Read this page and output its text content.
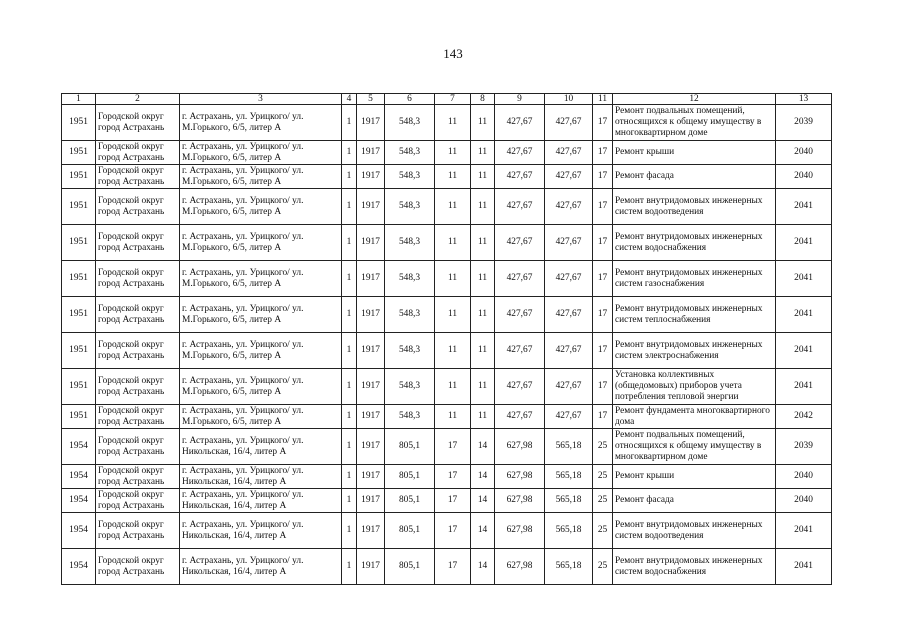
143
1	2	3	4	5	6	7	8	9	10	11	12	13
1951	Городской округ город Астрахань	г. Астрахань, ул. Урицкого/ ул. М.Горького, 6/5, литер А	1	1917	548,3	11	11	427,67	427,67	17	Ремонт подвальных помещений, относящихся к общему имуществу в многоквартирном доме	2039
1951	Городской округ город Астрахань	г. Астрахань, ул. Урицкого/ ул. М.Горького, 6/5, литер А	1	1917	548,3	11	11	427,67	427,67	17	Ремонт крыши	2040
1951	Городской округ город Астрахань	г. Астрахань, ул. Урицкого/ ул. М.Горького, 6/5, литер А	1	1917	548,3	11	11	427,67	427,67	17	Ремонт фасада	2040
1951	Городской округ город Астрахань	г. Астрахань, ул. Урицкого/ ул. М.Горького, 6/5, литер А	1	1917	548,3	11	11	427,67	427,67	17	Ремонт внутридомовых инженерных систем водоотведения	2041
1951	Городской округ город Астрахань	г. Астрахань, ул. Урицкого/ ул. М.Горького, 6/5, литер А	1	1917	548,3	11	11	427,67	427,67	17	Ремонт внутридомовых инженерных систем водоснабжения	2041
1951	Городской округ город Астрахань	г. Астрахань, ул. Урицкого/ ул. М.Горького, 6/5, литер А	1	1917	548,3	11	11	427,67	427,67	17	Ремонт внутридомовых инженерных систем газоснабжения	2041
1951	Городской округ город Астрахань	г. Астрахань, ул. Урицкого/ ул. М.Горького, 6/5, литер А	1	1917	548,3	11	11	427,67	427,67	17	Ремонт внутридомовых инженерных систем теплоснабжения	2041
1951	Городской округ город Астрахань	г. Астрахань, ул. Урицкого/ ул. М.Горького, 6/5, литер А	1	1917	548,3	11	11	427,67	427,67	17	Ремонт внутридомовых инженерных систем электроснабжения	2041
1951	Городской округ город Астрахань	г. Астрахань, ул. Урицкого/ ул. М.Горького, 6/5, литер А	1	1917	548,3	11	11	427,67	427,67	17	Установка коллективных (общедомовых) приборов учета потребления тепловой энергии	2041
1951	Городской округ город Астрахань	г. Астрахань, ул. Урицкого/ ул. М.Горького, 6/5, литер А	1	1917	548,3	11	11	427,67	427,67	17	Ремонт фундамента многоквартирного дома	2042
1954	Городской округ город Астрахань	г. Астрахань, ул. Урицкого/ ул. Никольская, 16/4, литер А	1	1917	805,1	17	14	627,98	565,18	25	Ремонт подвальных помещений, относящихся к общему имуществу в многоквартирном доме	2039
1954	Городской округ город Астрахань	г. Астрахань, ул. Урицкого/ ул. Никольская, 16/4, литер А	1	1917	805,1	17	14	627,98	565,18	25	Ремонт крыши	2040
1954	Городской округ город Астрахань	г. Астрахань, ул. Урицкого/ ул. Никольская, 16/4, литер А	1	1917	805,1	17	14	627,98	565,18	25	Ремонт фасада	2040
1954	Городской округ город Астрахань	г. Астрахань, ул. Урицкого/ ул. Никольская, 16/4, литер А	1	1917	805,1	17	14	627,98	565,18	25	Ремонт внутридомовых инженерных систем водоотведения	2041
1954	Городской округ город Астрахань	г. Астрахань, ул. Урицкого/ ул. Никольская, 16/4, литер А	1	1917	805,1	17	14	627,98	565,18	25	Ремонт внутридомовых инженерных систем водоснабжения	2041
